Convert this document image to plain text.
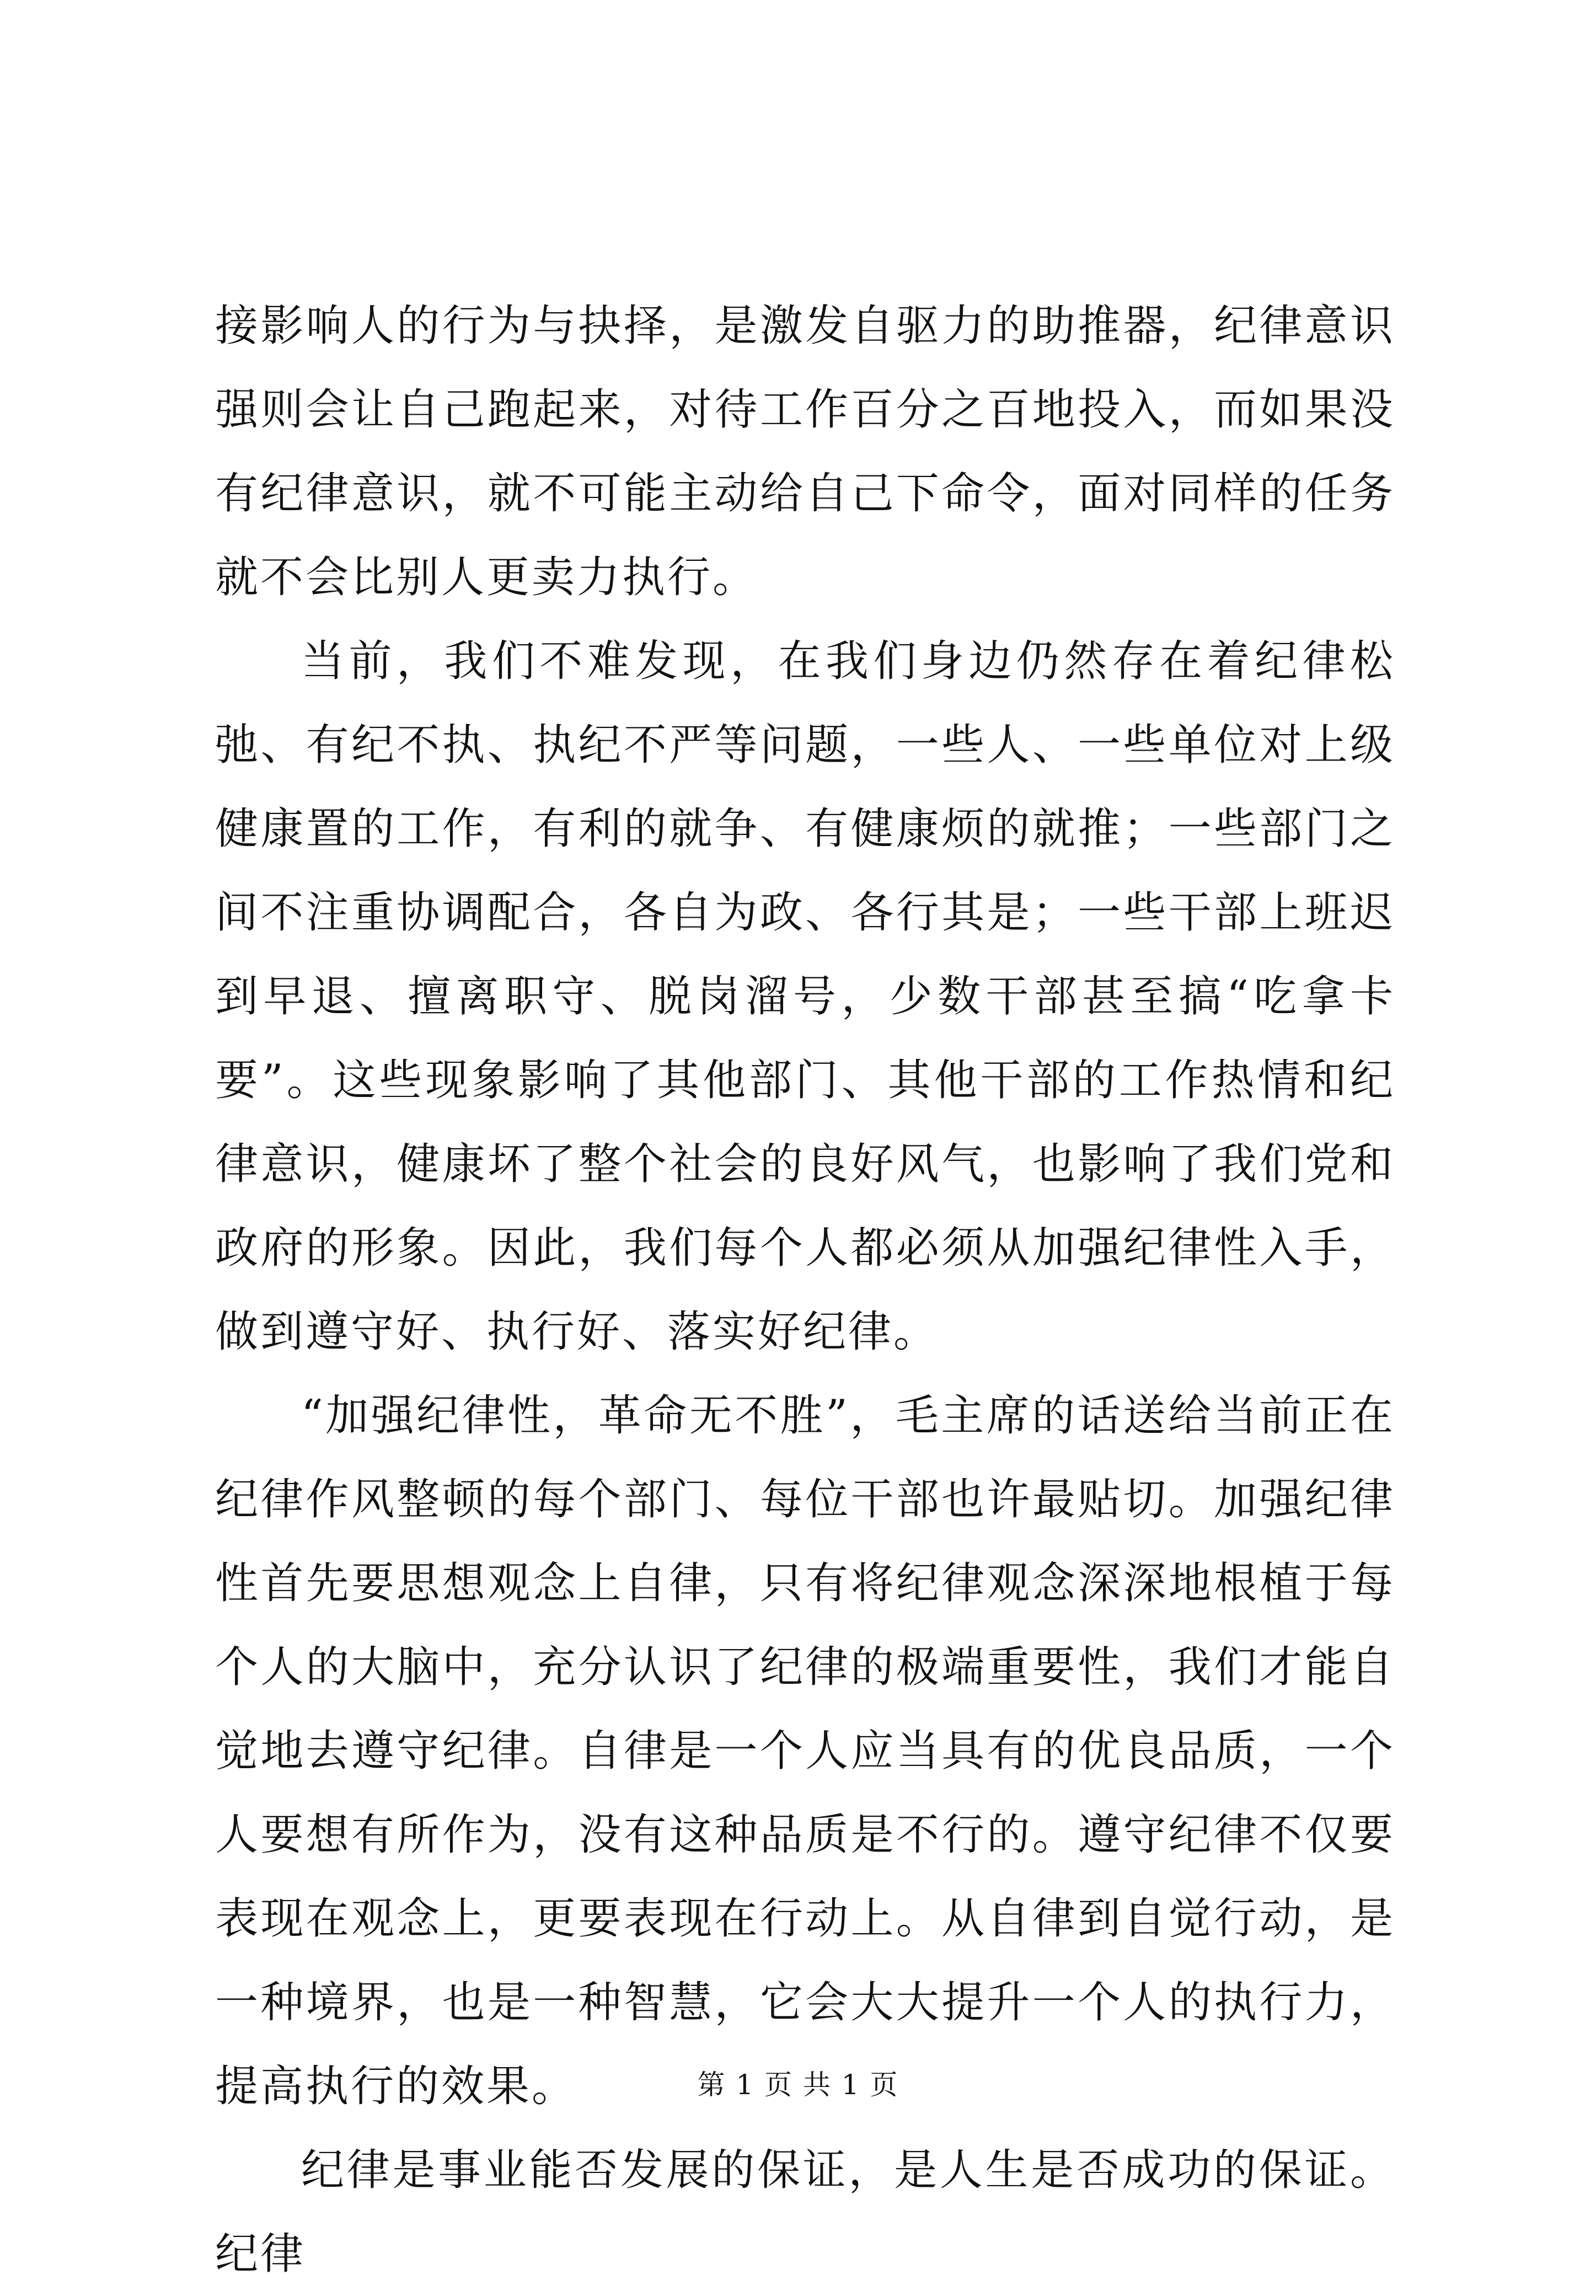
接影响人的行为与抉择，是激发自驱力的助推器，纪律意识强则会让自己跑起来，对待工作百分之百地投入，而如果没有纪律意识，就不可能主动给自己下命令，面对同样的任务就不会比别人更卖力执行。

当前，我们不难发现，在我们身边仍然存在着纪律松弛、有纪不执、执纪不严等问题，一些人、一些单位对上级健康置的工作，有利的就争、有健康烦的就推；一些部门之间不注重协调配合，各自为政、各行其是；一些干部上班迟到早退、擅离职守、脱岗溜号，少数干部甚至搞“吃拿卡要”。这些现象影响了其他部门、其他干部的工作热情和纪律意识，健康坏了整个社会的良好风气，也影响了我们党和政府的形象。因此，我们每个人都必须从加强纪律性入手，做到遵守好、执行好、落实好纪律。

“加强纪律性，革命无不胜”，毛主席的话送给当前正在纪律作风整顿的每个部门、每位干部也许最贴切。加强纪律性首先要思想观念上自律，只有将纪律观念深深地根植于每个人的大脑中，充分认识了纪律的极端重要性，我们才能自觉地去遵守纪律。自律是一个人应当具有的优良品质，一个人要想有所作为，没有这种品质是不行的。遵守纪律不仅要表现在观念上，更要表现在行动上。从自律到自觉行动，是一种境界，也是一种智慧，它会大大提升一个人的执行力，提高执行的效果。

纪律是事业能否发展的保证，是人生是否成功的保证。纪律

第 1 页 共 1 页
